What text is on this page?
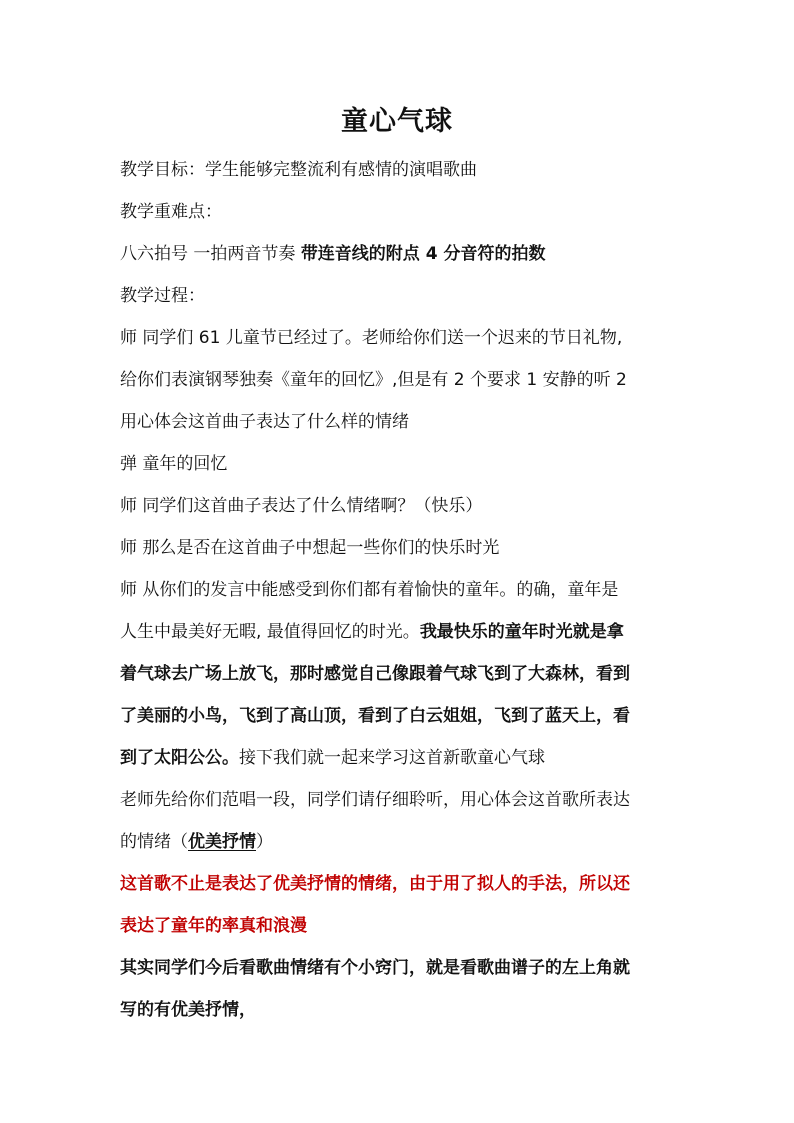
童心气球
教学目标：学生能够完整流利有感情的演唱歌曲
教学重难点：
八六拍号 一拍两音节奏 带连音线的附点 4 分音符的拍数
教学过程：
师 同学们 61 儿童节已经过了。老师给你们送一个迟来的节日礼物,
给你们表演钢琴独奏《童年的回忆》,但是有 2 个要求 1 安静的听 2
用心体会这首曲子表达了什么样的情绪
弹 童年的回忆
师 同学们这首曲子表达了什么情绪啊？（快乐）
师 那么是否在这首曲子中想起一些你们的快乐时光
师 从你们的发言中能感受到你们都有着愉快的童年。的确，童年是
人生中最美好无暇, 最值得回忆的时光。我最快乐的童年时光就是拿
着气球去广场上放飞，那时感觉自己像跟着气球飞到了大森林，看到
了美丽的小鸟，飞到了高山顶，看到了白云姐姐，飞到了蓝天上，看
到了太阳公公。接下我们就一起来学习这首新歌童心气球
老师先给你们范唱一段，同学们请仔细聆听，用心体会这首歌所表达
的情绪（优美抒情）
这首歌不止是表达了优美抒情的情绪，由于用了拟人的手法，所以还
表达了童年的率真和浪漫
其实同学们今后看歌曲情绪有个小窍门，就是看歌曲谱子的左上角就
写的有优美抒情，
